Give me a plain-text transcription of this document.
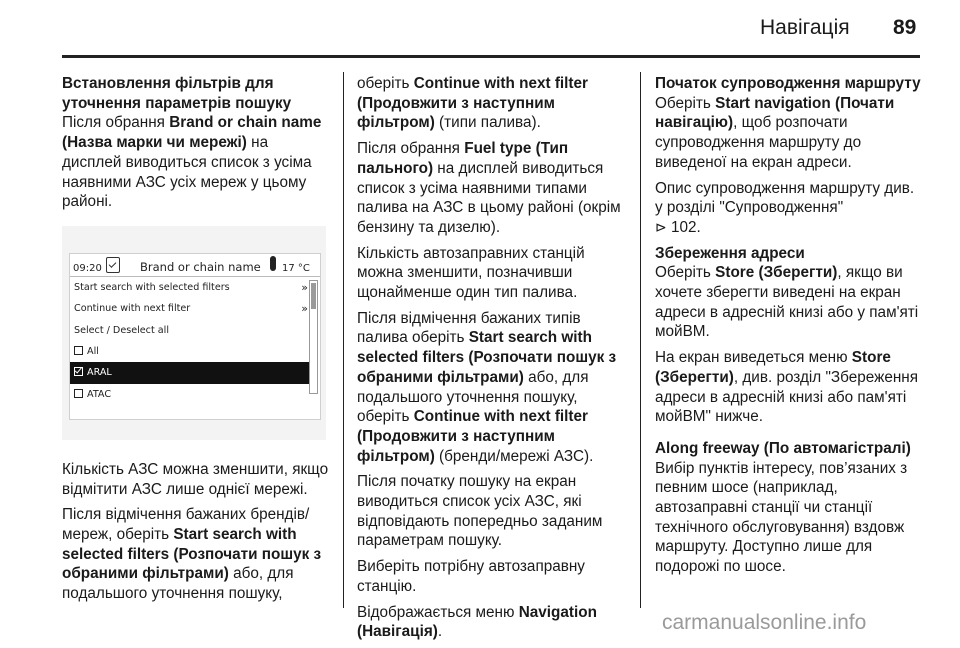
Навігація 89

Встановлення фільтрів для уточнення параметрів пошуку

Після обрання Brand or chain name (Назва марки чи мережі) на дисплей виводиться список з усіма наявними АЗС усіх мереж у цьому районі.

09:20	Brand or chain name 17 °C
Start search with selected filters	»
Continue with next filter	»
Select / Deselect all
All
ARAL
ATAC

Кількість АЗС можна зменшити, якщо відмітити АЗС лише однієї мережі.

Після відмічення бажаних брендів/мереж, оберіть Start search with selected filters (Розпочати пошук з обраними фільтрами) або, для подальшого уточнення пошуку,

оберіть Continue with next filter (Продовжити з наступним фільтром) (типи палива).

Після обрання Fuel type (Тип пального) на дисплей виводиться список з усіма наявними типами палива на АЗС в цьому районі (окрім бензину та дизелю).

Кількість автозаправних станцій можна зменшити, позначивши щонайменше один тип палива.

Після відмічення бажаних типів палива оберіть Start search with selected filters (Розпочати пошук з обраними фільтрами) або, для подальшого уточнення пошуку, оберіть Continue with next filter (Продовжити з наступним фільтром) (бренди/мережі АЗС).

Після початку пошуку на екран виводиться список усіх АЗС, які відповідають попередньо заданим параметрам пошуку.

Виберіть потрібну автозаправну станцію.

Відображається меню Navigation (Навігація).

Початок супроводження маршруту

Оберіть Start navigation (Почати навігацію), щоб розпочати супроводження маршруту до виведеної на екран адреси.

Опис супроводження маршруту див. у розділі "Супроводження"
⊳ 102.

Збереження адреси

Оберіть Store (Зберегти), якщо ви хочете зберегти виведені на екран адреси в адресній книзі або у пам'яті мойВМ.

На екран виведеться меню Store (Зберегти), див. розділ "Збереження адреси в адресній книзі або пам'яті мойВМ" нижче.

Along freeway (По автомагістралі)

Вибір пунктів інтересу, пов’язаних з певним шосе (наприклад, автозаправні станції чи станції технічного обслуговування) вздовж маршруту. Доступно лише для подорожі по шосе.

carmanualsonline.info
